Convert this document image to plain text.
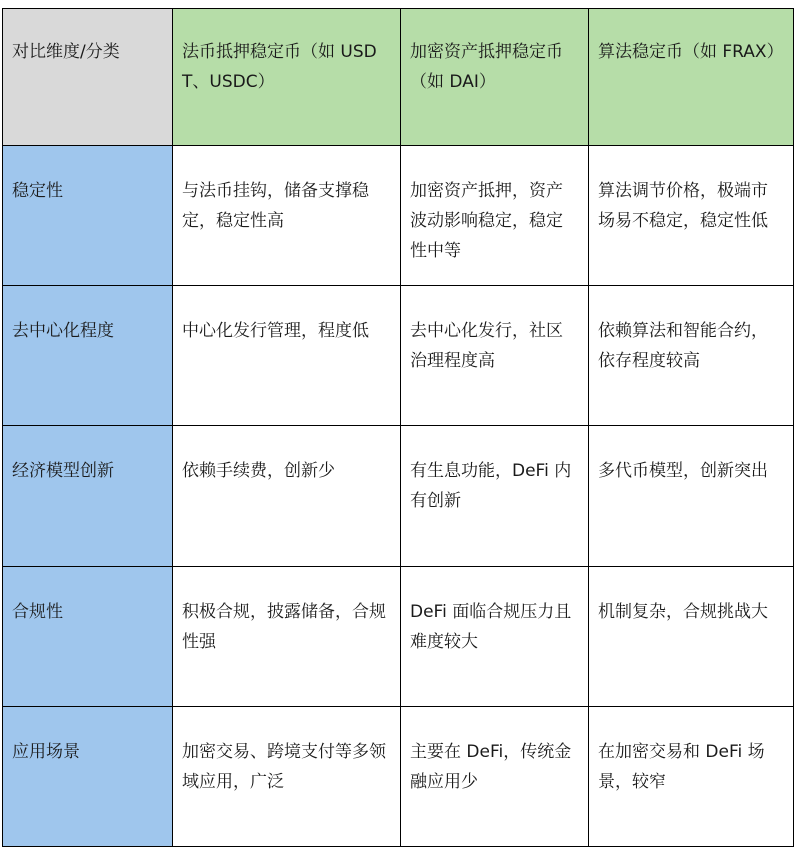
对比维度/分类	法币抵押稳定币（如 USDT、USDC）	加密资产抵押稳定币（如 DAI）	算法稳定币（如 FRAX）
稳定性	与法币挂钩，储备支撑稳定，稳定性高	加密资产抵押，资产波动影响稳定，稳定性中等	算法调节价格，极端市场易不稳定，稳定性低
去中心化程度	中心化发行管理，程度低	去中心化发行，社区治理程度高	依赖算法和智能合约，依存程度较高
经济模型创新	依赖手续费，创新少	有生息功能，DeFi 内有创新	多代币模型，创新突出
合规性	积极合规，披露储备，合规性强	DeFi 面临合规压力且难度较大	机制复杂，合规挑战大
应用场景	加密交易、跨境支付等多领域应用，广泛	主要在 DeFi，传统金融应用少	在加密交易和 DeFi 场景，较窄
